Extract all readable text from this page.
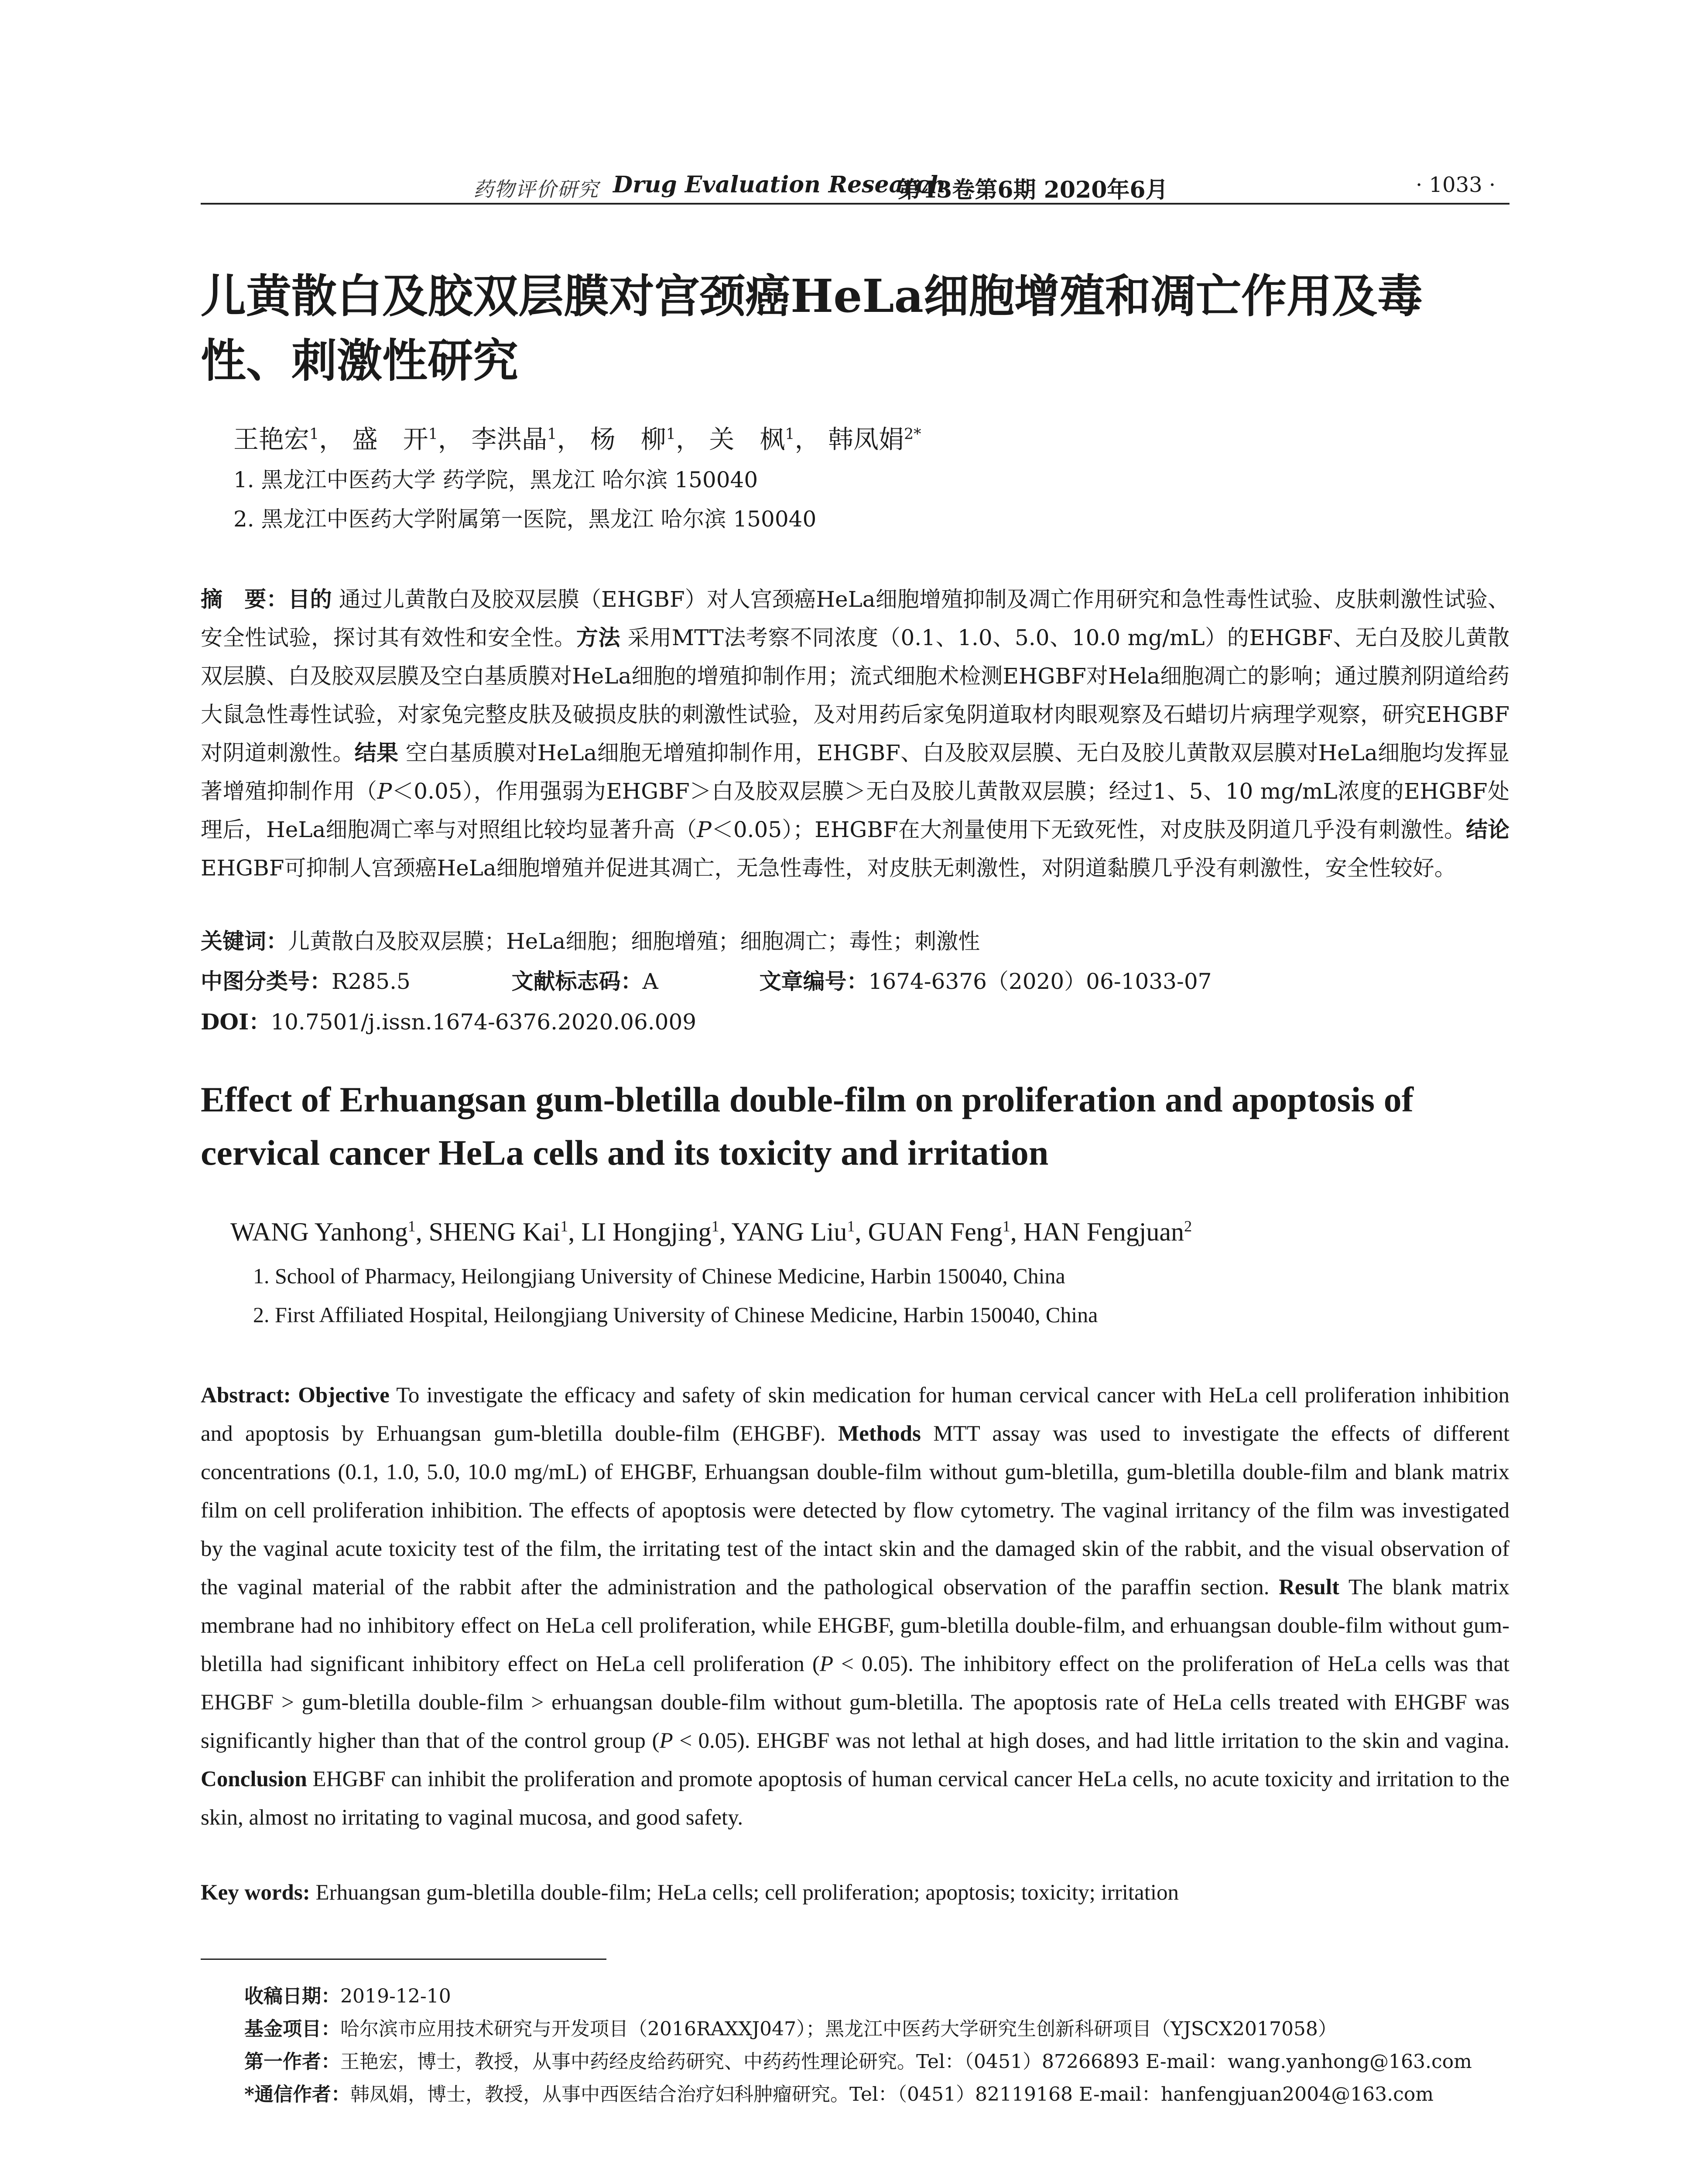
药物评价研究 Drug Evaluation Research
第43卷第6期 2020年6月	· 1033 ·
儿黄散白及胶双层膜对宫颈癌HeLa细胞增殖和凋亡作用及毒性、刺激性研究
王艳宏$^1$， 盛　开$^1$， 李洪晶$^1$， 杨　柳$^1$， 关　枫$^1$， 韩凤娟$^{2*}$
1. 黑龙江中医药大学 药学院，黑龙江 哈尔滨 150040
2. 黑龙江中医药大学附属第一医院，黑龙江 哈尔滨 150040
摘　要：目的 通过儿黄散白及胶双层膜（EHGBF）对人宫颈癌HeLa细胞增殖抑制及凋亡作用研究和急性毒性试验、皮肤刺激性试验、安全性试验，探讨其有效性和安全性。方法 采用MTT法考察不同浓度（0.1、1.0、5.0、10.0 mg/mL）的EHGBF、无白及胶儿黄散双层膜、白及胶双层膜及空白基质膜对HeLa细胞的增殖抑制作用；流式细胞术检测EHGBF对Hela细胞凋亡的影响；通过膜剂阴道给药大鼠急性毒性试验，对家兔完整皮肤及破损皮肤的刺激性试验，及对用药后家兔阴道取材肉眼观察及石蜡切片病理学观察，研究EHGBF对阴道刺激性。结果 空白基质膜对HeLa细胞无增殖抑制作用，EHGBF、白及胶双层膜、无白及胶儿黄散双层膜对HeLa细胞均发挥显著增殖抑制作用（P＜0.05），作用强弱为EHGBF＞白及胶双层膜＞无白及胶儿黄散双层膜；经过1、5、10 mg/mL浓度的EHGBF处理后，HeLa细胞凋亡率与对照组比较均显著升高（P＜0.05）；EHGBF在大剂量使用下无致死性，对皮肤及阴道几乎没有刺激性。结论 EHGBF可抑制人宫颈癌HeLa细胞增殖并促进其凋亡，无急性毒性，对皮肤无刺激性，对阴道黏膜几乎没有刺激性，安全性较好。
关键词：儿黄散白及胶双层膜；HeLa细胞；细胞增殖；细胞凋亡；毒性；刺激性
中图分类号：R285.5	文献标志码：A	文章编号：1674-6376（2020）06-1033-07
DOI：10.7501/j.issn.1674-6376.2020.06.009
Effect of Erhuangsan gum-bletilla double-film on proliferation and apoptosis of cervical cancer HeLa cells and its toxicity and irritation
WANG Yanhong$^1$, SHENG Kai$^1$, LI Hongjing$^1$, YANG Liu$^1$, GUAN Feng$^1$, HAN Fengjuan$^2$
1. School of Pharmacy, Heilongjiang University of Chinese Medicine, Harbin 150040, China
2. First Affiliated Hospital, Heilongjiang University of Chinese Medicine, Harbin 150040, China
Abstract: Objective To investigate the efficacy and safety of skin medication for human cervical cancer with HeLa cell proliferation inhibition and apoptosis by Erhuangsan gum-bletilla double-film (EHGBF). Methods MTT assay was used to investigate the effects of different concentrations (0.1, 1.0, 5.0, 10.0 mg/mL) of EHGBF, Erhuangsan double-film without gum-bletilla, gum-bletilla double-film and blank matrix film on cell proliferation inhibition. The effects of apoptosis were detected by flow cytometry. The vaginal irritancy of the film was investigated by the vaginal acute toxicity test of the film, the irritating test of the intact skin and the damaged skin of the rabbit, and the visual observation of the vaginal material of the rabbit after the administration and the pathological observation of the paraffin section. Result The blank matrix membrane had no inhibitory effect on HeLa cell proliferation, while EHGBF, gum-bletilla double-film, and erhuangsan double-film without gum-bletilla had significant inhibitory effect on HeLa cell proliferation (P < 0.05). The inhibitory effect on the proliferation of HeLa cells was that EHGBF > gum-bletilla double-film > erhuangsan double-film without gum-bletilla. The apoptosis rate of HeLa cells treated with EHGBF was significantly higher than that of the control group (P < 0.05). EHGBF was not lethal at high doses, and had little irritation to the skin and vagina. Conclusion EHGBF can inhibit the proliferation and promote apoptosis of human cervical cancer HeLa cells, no acute toxicity and irritation to the skin, almost no irritating to vaginal mucosa, and good safety.
Key words: Erhuangsan gum-bletilla double-film; HeLa cells; cell proliferation; apoptosis; toxicity; irritation
收稿日期：2019-12-10
基金项目：哈尔滨市应用技术研究与开发项目（2016RAXXJ047）；黑龙江中医药大学研究生创新科研项目（YJSCX2017058）
第一作者：王艳宏，博士，教授，从事中药经皮给药研究、中药药性理论研究。Tel：（0451）87266893 E-mail：wang.yanhong@163.com
*通信作者：韩凤娟，博士，教授，从事中西医结合治疗妇科肿瘤研究。Tel：（0451）82119168 E-mail：hanfengjuan2004@163.com
